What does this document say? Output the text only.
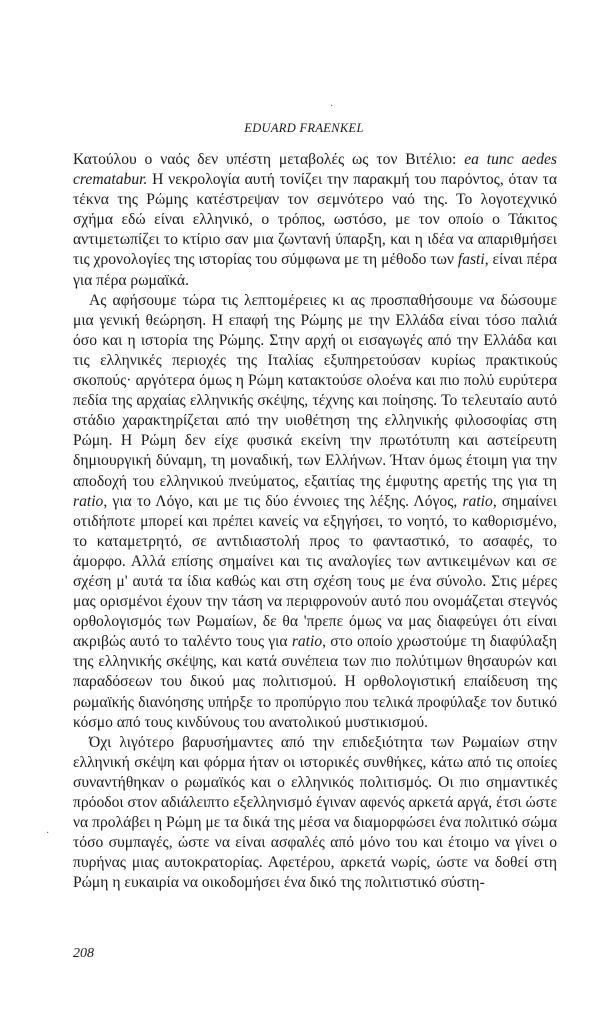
EDUARD FRAENKEL

Κατούλου ο ναός δεν υπέστη μεταβολές ως τον Βιτέλιο: ea tunc aedes crematabur. Η νεκρολογία αυτή τονίζει την παρακμή του παρόντος, όταν τα τέκνα της Ρώμης κατέστρεψαν τον σεμνότερο ναό της. Το λογοτεχνικό σχήμα εδώ είναι ελληνικό, ο τρόπος, ωστόσο, με τον οποίο ο Τάκιτος αντιμετωπίζει το κτίριο σαν μια ζωντανή ύπαρξη, και η ιδέα να απαριθμήσει τις χρονολογίες της ιστορίας του σύμφωνα με τη μέθοδο των fasti, είναι πέρα για πέρα ρωμαϊκά.

Ας αφήσουμε τώρα τις λεπτομέρειες κι ας προσπαθήσουμε να δώσουμε μια γενική θεώρηση. Η επαφή της Ρώμης με την Ελλάδα είναι τόσο παλιά όσο και η ιστορία της Ρώμης. Στην αρχή οι εισαγωγές από την Ελλάδα και τις ελληνικές περιοχές της Ιταλίας εξυπηρετούσαν κυρίως πρακτικούς σκοπούς· αργότερα όμως η Ρώμη κατακτούσε ολοένα και πιο πολύ ευρύτερα πεδία της αρχαίας ελληνικής σκέψης, τέχνης και ποίησης. Το τελευταίο αυτό στάδιο χαρακτηρίζεται από την υιοθέτηση της ελληνικής φιλοσοφίας στη Ρώμη. Η Ρώμη δεν είχε φυσικά εκείνη την πρωτότυπη και αστείρευτη δημιουργική δύναμη, τη μοναδική, των Ελλήνων. Ήταν όμως έτοιμη για την αποδοχή του ελληνικού πνεύματος, εξαιτίας της έμφυτης αρετής της για τη ratio, για το Λόγο, και με τις δύο έννοιες της λέξης. Λόγος, ratio, σημαίνει οτιδήποτε μπορεί και πρέπει κανείς να εξηγήσει, το νοητό, το καθορισμένο, το καταμετρητό, σε αντιδιαστολή προς το φανταστικό, το ασαφές, το άμορφο. Αλλά επίσης σημαίνει και τις αναλογίες των αντικειμένων και σε σχέση μ' αυτά τα ίδια καθώς και στη σχέση τους με ένα σύνολο. Στις μέρες μας ορισμένοι έχουν την τάση να περιφρονούν αυτό που ονομάζεται στεγνός ορθολογισμός των Ρωμαίων, δε θα 'πρεπε όμως να μας διαφεύγει ότι είναι ακριβώς αυτό το ταλέντο τους για ratio, στο οποίο χρωστούμε τη διαφύλαξη της ελληνικής σκέψης, και κατά συνέπεια των πιο πολύτιμων θησαυρών και παραδόσεων του δικού μας πολιτισμού. Η ορθολογιστική επαίδευση της ρωμαϊκής διανόησης υπήρξε το προπύργιο που τελικά προφύλαξε τον δυτικό κόσμο από τους κινδύνους του ανατολικού μυστικισμού.

Όχι λιγότερο βαρυσήμαντες από την επιδεξιότητα των Ρωμαίων στην ελληνική σκέψη και φόρμα ήταν οι ιστορικές συνθήκες, κάτω από τις οποίες συναντήθηκαν ο ρωμαϊκός και ο ελληνικός πολιτισμός. Οι πιο σημαντικές πρόοδοι στον αδιάλειπτο εξελληνισμό έγιναν αφενός αρκετά αργά, έτσι ώστε να προλάβει η Ρώμη με τα δικά της μέσα να διαμορφώσει ένα πολιτικό σώμα τόσο συμπαγές, ώστε να είναι ασφαλές από μόνο του και έτοιμο να γίνει ο πυρήνας μιας αυτοκρατορίας. Αφετέρου, αρκετά νωρίς, ώστε να δοθεί στη Ρώμη η ευκαιρία να οικοδομήσει ένα δικό της πολιτιστικό σύστη-

208
·
·
